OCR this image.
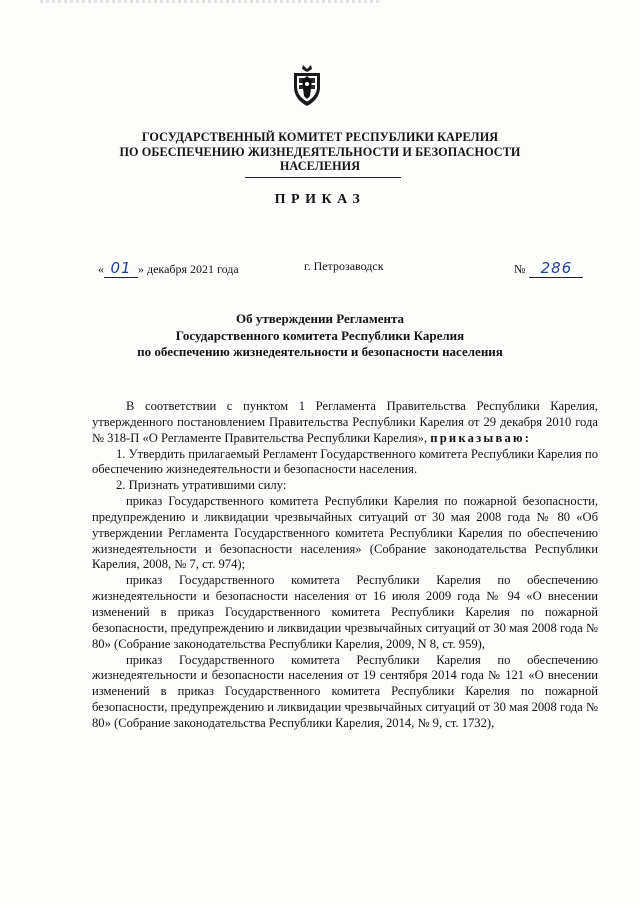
ГОСУДАРСТВЕННЫЙ КОМИТЕТ РЕСПУБЛИКИ КАРЕЛИЯ
ПО ОБЕСПЕЧЕНИЮ ЖИЗНЕДЕЯТЕЛЬНОСТИ И БЕЗОПАСНОСТИ
НАСЕЛЕНИЯ
ПРИКАЗ
« 01 » декабря 2021 года	г. Петрозаводск	№ 286
Об утверждении Регламента
Государственного комитета Республики Карелия
по обеспечению жизнедеятельности и безопасности населения

В соответствии с пунктом 1 Регламента Правительства Республики Карелия, утвержденного постановлением Правительства Республики Карелия от 29 декабря 2010 года № 318-П «О Регламенте Правительства Республики Карелия», приказываю:

1. Утвердить прилагаемый Регламент Государственного комитета Республики Карелия по обеспечению жизнедеятельности и безопасности населения.

2. Признать утратившими силу:

приказ Государственного комитета Республики Карелия по пожарной безопасности, предупреждению и ликвидации чрезвычайных ситуаций от 30 мая 2008 года № 80 «Об утверждении Регламента Государственного комитета Республики Карелия по обеспечению жизнедеятельности и безопасности населения» (Собрание законодательства Республики Карелия, 2008, № 7, ст. 974);

приказ Государственного комитета Республики Карелия по обеспечению жизнедеятельности и безопасности населения от 16 июля 2009 года № 94 «О внесении изменений в приказ Государственного комитета Республики Карелия по пожарной безопасности, предупреждению и ликвидации чрезвычайных ситуаций от 30 мая 2008 года № 80» (Собрание законодательства Республики Карелия, 2009, N 8, ст. 959),

приказ Государственного комитета Республики Карелия по обеспечению жизнедеятельности и безопасности населения от 19 сентября 2014 года № 121 «О внесении изменений в приказ Государственного комитета Республики Карелия по пожарной безопасности, предупреждению и ликвидации чрезвычайных ситуаций от 30 мая 2008 года № 80» (Собрание законодательства Республики Карелия, 2014, № 9, ст. 1732),
